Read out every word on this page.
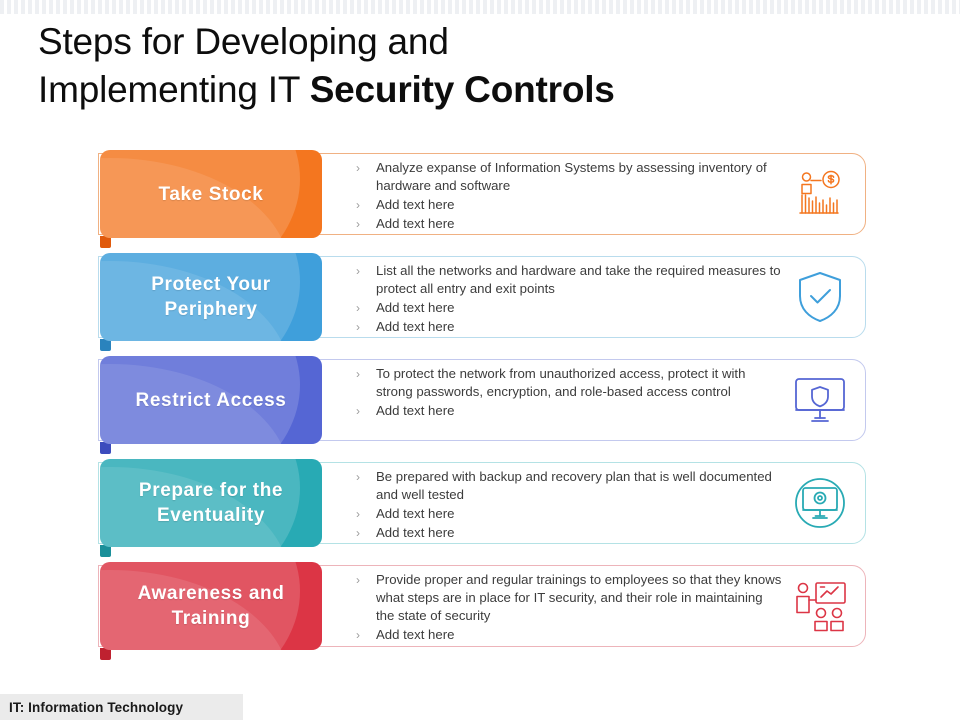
Steps for Developing and
Implementing IT Security Controls
Take Stock
›	Analyze expanse of Information Systems by assessing inventory of hardware and software
›	Add text here
›	Add text here
Protect Your Periphery
›	List all the networks and hardware and take the required measures to protect all entry and exit points
›	Add text here
›	Add text here
Restrict Access
›	To protect the network from unauthorized access, protect it with strong passwords, encryption, and role-based access control
›	Add text here
Prepare for the Eventuality
›	Be prepared with backup and recovery plan that is well documented and well tested
›	Add text here
›	Add text here
Awareness and Training
›	Provide proper and regular trainings to employees so that they knows what steps are in place for IT security, and their role in maintaining the state of security
›	Add text here
IT: Information Technology
